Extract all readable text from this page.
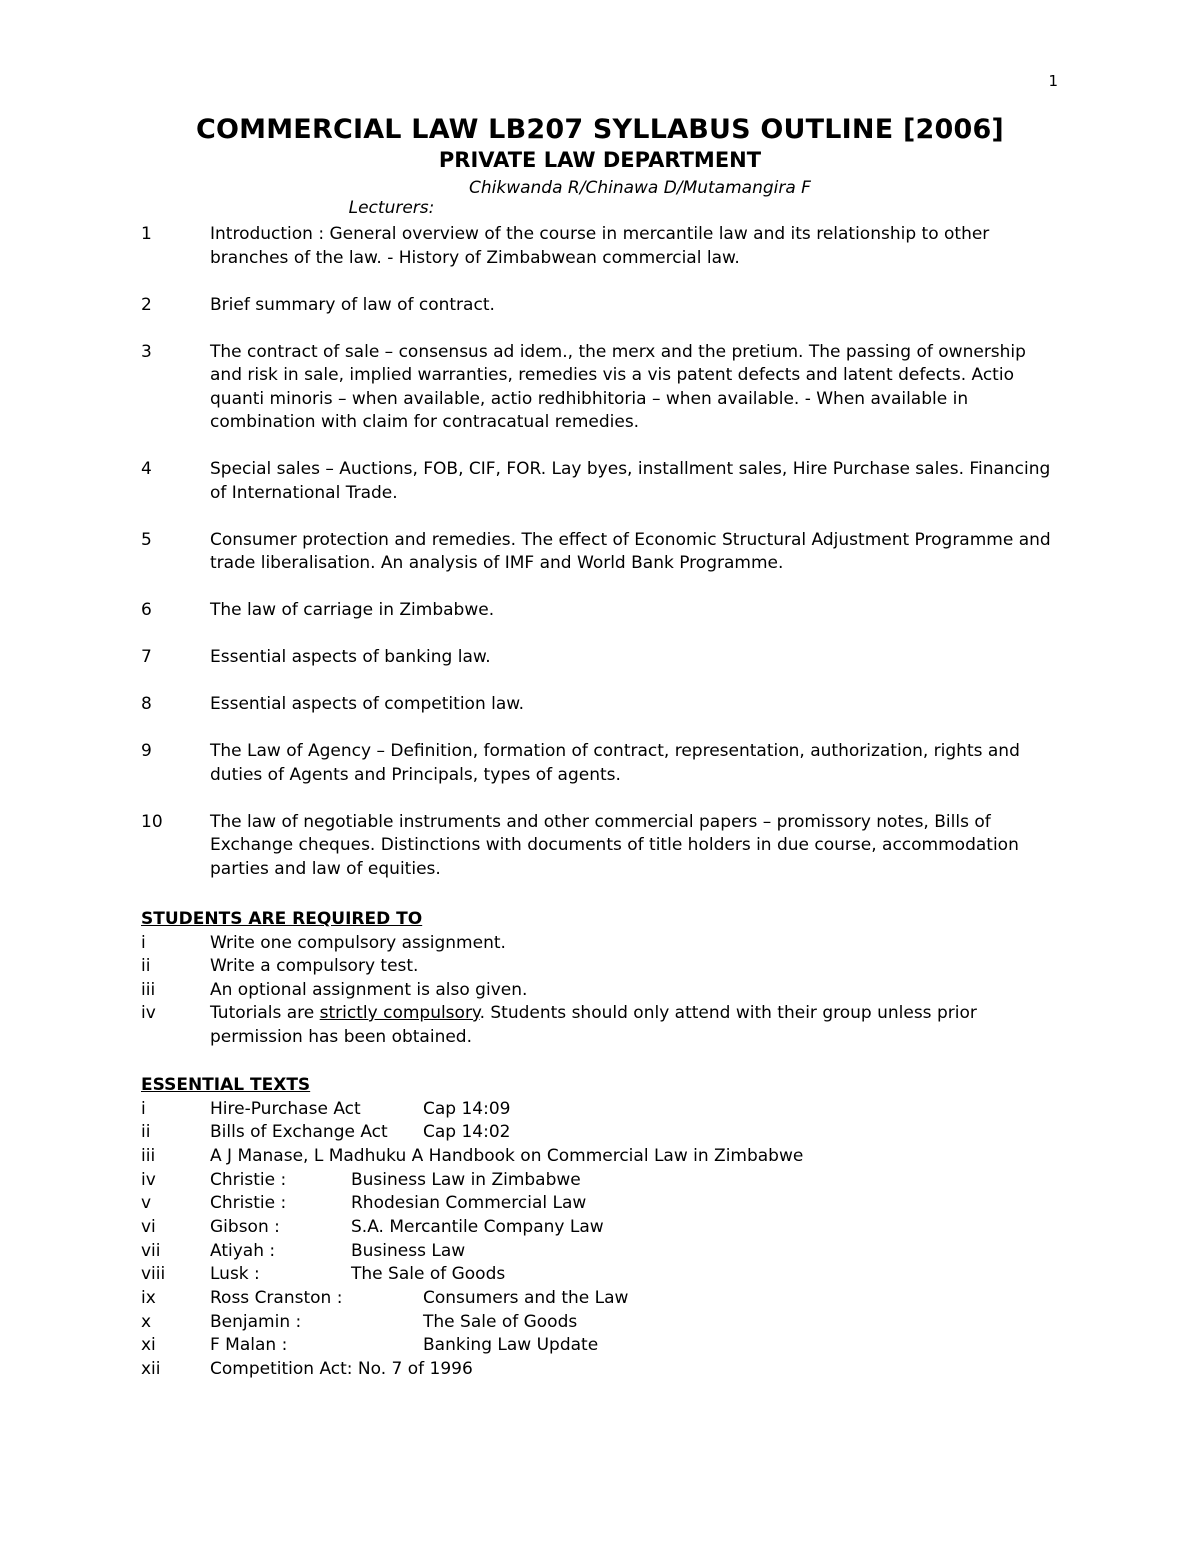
1
COMMERCIAL LAW LB207 SYLLABUS OUTLINE [2006]
PRIVATE LAW DEPARTMENT

Lecturers:

Chikwanda R/Chinawa D/Mutamangira F

1	Introduction : General overview of the course in mercantile law and its relationship to other branches of the law. - History of Zimbabwean commercial law.
2	Brief summary of law of contract.
3	The contract of sale – consensus ad idem., the merx and the pretium. The passing of ownership and risk in sale, implied warranties, remedies vis a vis patent defects and latent defects. Actio quanti minoris – when available, actio redhibhitoria – when available. - When available in combination with claim for contracatual remedies.
4	Special sales – Auctions, FOB, CIF, FOR. Lay byes, installment sales, Hire Purchase sales. Financing of International Trade.
5	Consumer protection and remedies. The effect of Economic Structural Adjustment Programme and trade liberalisation. An analysis of IMF and World Bank Programme.
6	The law of carriage in Zimbabwe.
7	Essential aspects of banking law.
8	Essential aspects of competition law.
9	The Law of Agency – Definition, formation of contract, representation, authorization, rights and duties of Agents and Principals, types of agents.
10	The law of negotiable instruments and other commercial papers – promissory notes, Bills of Exchange cheques. Distinctions with documents of title holders in due course, accommodation parties and law of equities.
STUDENTS ARE REQUIRED TO
i	Write one compulsory assignment.
ii	Write a compulsory test.
iii	An optional assignment is also given.
iv	Tutorials are strictly compulsory. Students should only attend with their group unless prior permission has been obtained.
ESSENTIAL TEXTS
i	Hire-Purchase Act	Cap 14:09
ii	Bills of Exchange Act Cap 14:02
iii	A J Manase, L Madhuku A Handbook on Commercial Law in Zimbabwe
iv	Christie :	Business Law in Zimbabwe
v	Christie :	Rhodesian Commercial Law
vi	Gibson :	S.A. Mercantile Company Law
vii	Atiyah :	Business Law
viii	Lusk :	The Sale of Goods
ix	Ross Cranston :	Consumers and the Law
x	Benjamin :	The Sale of Goods
xi	F Malan :	Banking Law Update
xii	Competition Act: No. 7 of 1996
